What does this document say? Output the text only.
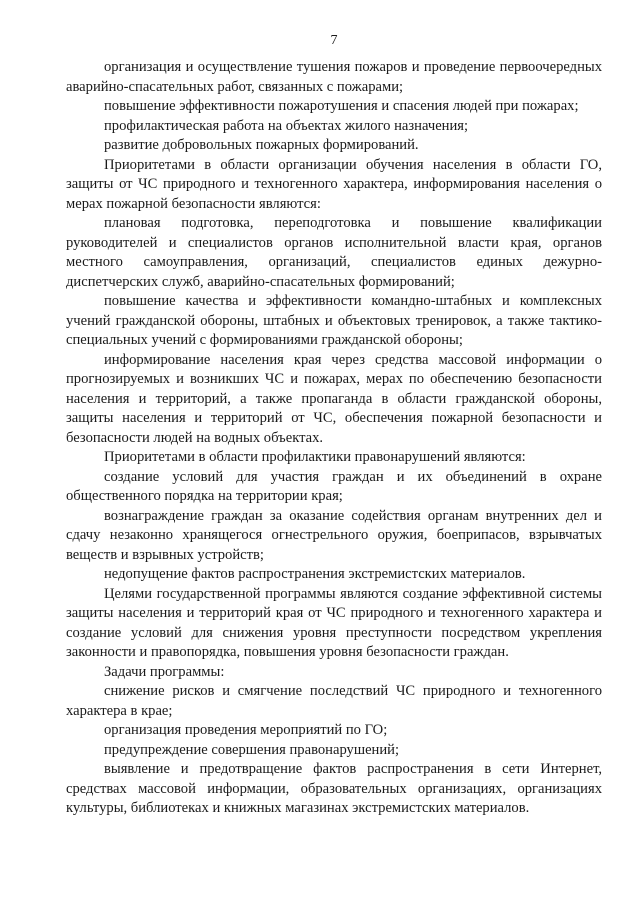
7

организация и осуществление тушения пожаров и проведение первоочередных аварийно-спасательных работ, связанных с пожарами;

повышение эффективности пожаротушения и спасения людей при пожарах;

профилактическая работа на объектах жилого назначения;

развитие добровольных пожарных формирований.

Приоритетами в области организации обучения населения в области ГО, защиты от ЧС природного и техногенного характера, информирования населения о мерах пожарной безопасности являются:

плановая подготовка, переподготовка и повышение квалификации руководителей и специалистов органов исполнительной власти края, органов местного самоуправления, организаций, специалистов единых дежурно-диспетчерских служб, аварийно-спасательных формирований;

повышение качества и эффективности командно-штабных и комплексных учений гражданской обороны, штабных и объектовых тренировок, а также тактико-специальных учений с формированиями гражданской обороны;

информирование населения края через средства массовой информации о прогнозируемых и возникших ЧС и пожарах, мерах по обеспечению безопасности населения и территорий, а также пропаганда в области гражданской обороны, защиты населения и территорий от ЧС, обеспечения пожарной безопасности и безопасности людей на водных объектах.

Приоритетами в области профилактики правонарушений являются:

создание условий для участия граждан и их объединений в охране общественного порядка на территории края;

вознаграждение граждан за оказание содействия органам внутренних дел и сдачу незаконно хранящегося огнестрельного оружия, боеприпасов, взрывчатых веществ и взрывных устройств;

недопущение фактов распространения экстремистских материалов.

Целями государственной программы являются создание эффективной системы защиты населения и территорий края от ЧС природного и техногенного характера и создание условий для снижения уровня преступности посредством укрепления законности и правопорядка, повышения уровня безопасности граждан.

Задачи программы:

снижение рисков и смягчение последствий ЧС природного и техногенного характера в крае;

организация проведения мероприятий по ГО;

предупреждение совершения правонарушений;

выявление и предотвращение фактов распространения в сети Интернет, средствах массовой информации, образовательных организациях, организациях культуры, библиотеках и книжных магазинах экстремистских материалов.
